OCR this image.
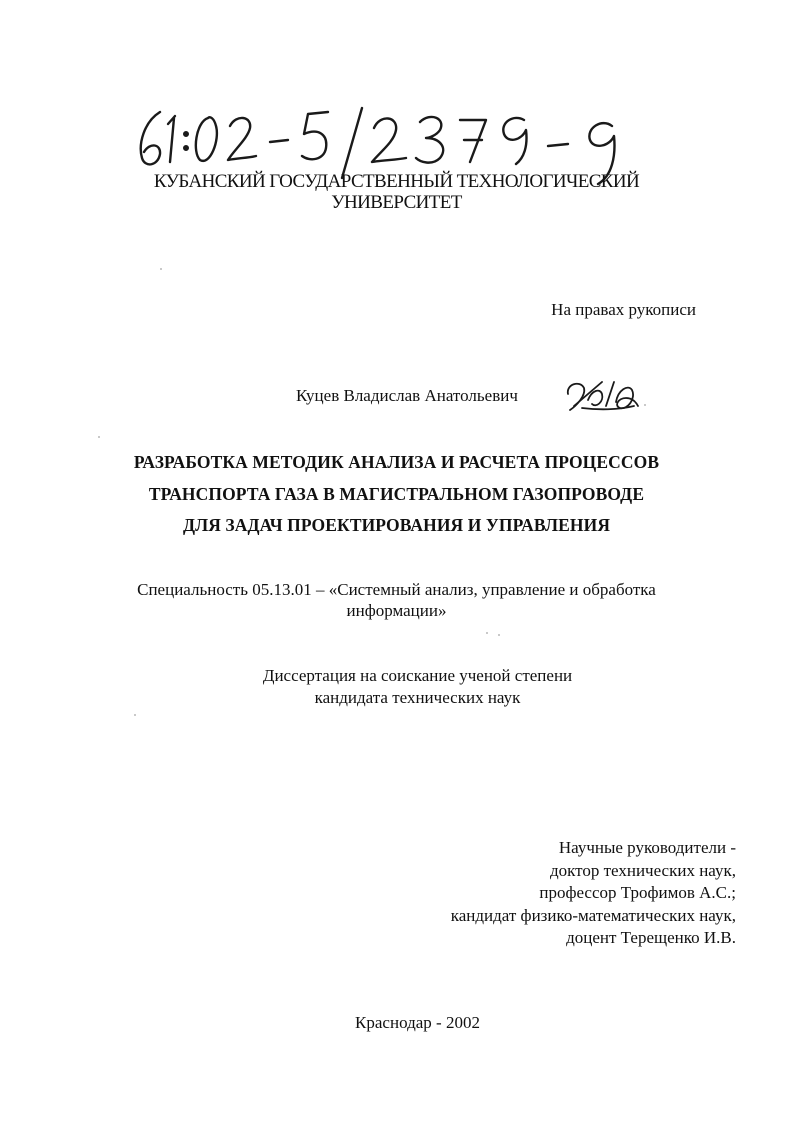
КУБАНСКИЙ ГОСУДАРСТВЕННЫЙ ТЕХНОЛОГИЧЕСКИЙ
УНИВЕРСИТЕТ
На правах рукописи
Куцев Владислав Анатольевич
РАЗРАБОТКА МЕТОДИК АНАЛИЗА И РАСЧЕТА ПРОЦЕССОВ
ТРАНСПОРТА ГАЗА В МАГИСТРАЛЬНОМ ГАЗОПРОВОДЕ
ДЛЯ ЗАДАЧ ПРОЕКТИРОВАНИЯ И УПРАВЛЕНИЯ
Специальность 05.13.01 – «Системный анализ, управление и обработка
информации»
Диссертация на соискание ученой степени
кандидата технических наук
Научные руководители -
доктор технических наук,
профессор Трофимов А.С.;
кандидат физико-математических наук,
доцент Терещенко И.В.
Краснодар - 2002
